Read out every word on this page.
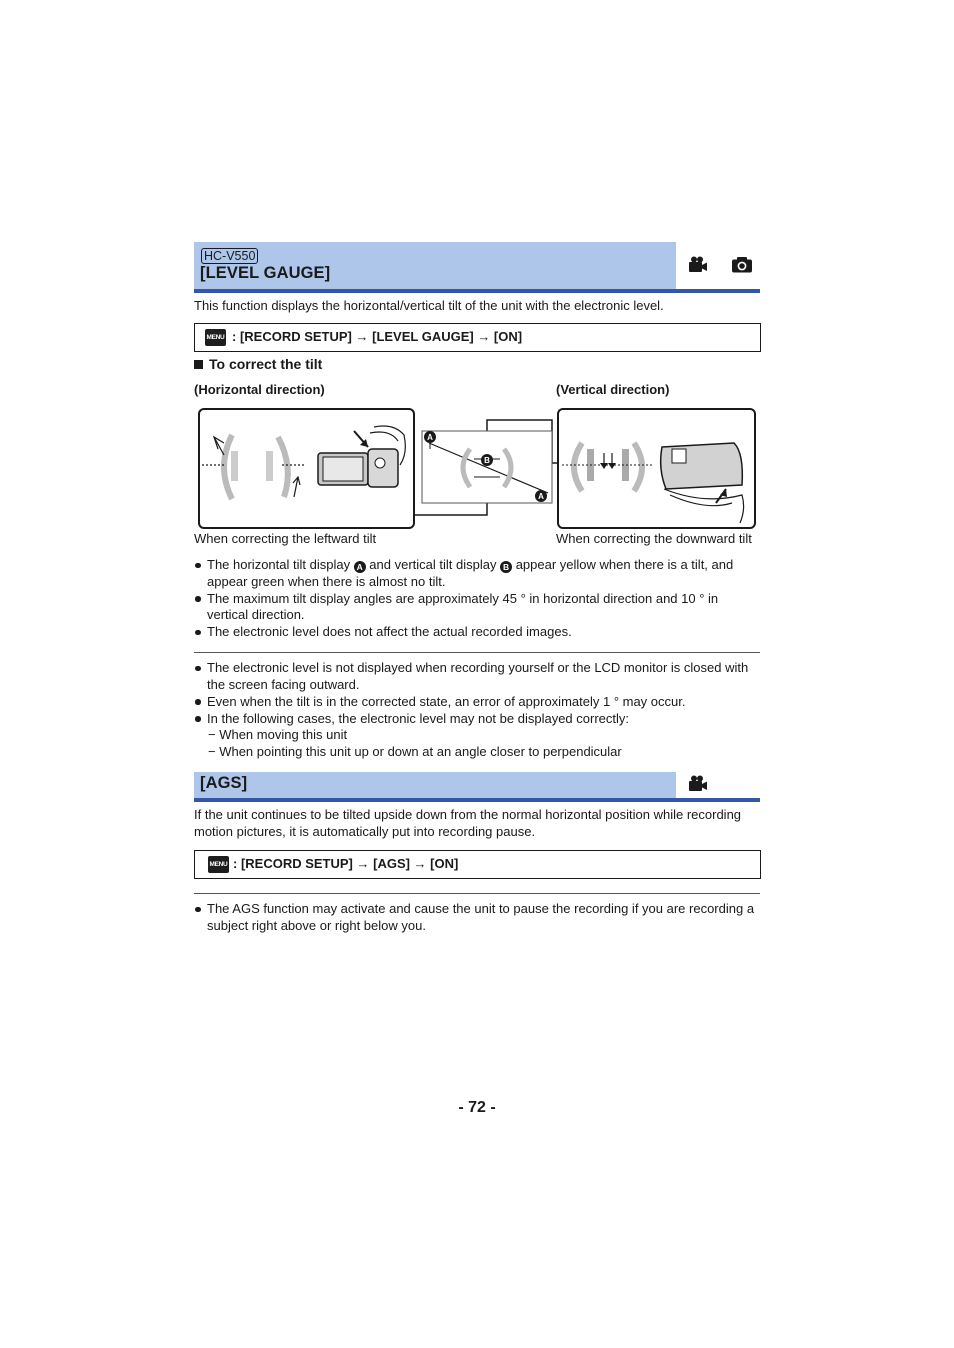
HC-V550
[LEVEL GAUGE]
This function displays the horizontal/vertical tilt of the unit with the electronic level.
MENU : [RECORD SETUP] → [LEVEL GAUGE] → [ON]
To correct the tilt
(Horizontal direction)	(Vertical direction)
A
B
A
When correcting the leftward tilt	When correcting the downward tilt
The horizontal tilt display A and vertical tilt display B appear yellow when there is a tilt, and appear green when there is almost no tilt.
The maximum tilt display angles are approximately 45 ° in horizontal direction and 10 ° in vertical direction.
The electronic level does not affect the actual recorded images.
The electronic level is not displayed when recording yourself or the LCD monitor is closed with the screen facing outward.
Even when the tilt is in the corrected state, an error of approximately 1 ° may occur.
In the following cases, the electronic level may not be displayed correctly:
− When moving this unit
− When pointing this unit up or down at an angle closer to perpendicular
[AGS]
If the unit continues to be tilted upside down from the normal horizontal position while recording motion pictures, it is automatically put into recording pause.
MENU : [RECORD SETUP] → [AGS] → [ON]
The AGS function may activate and cause the unit to pause the recording if you are recording a subject right above or right below you.
- 72 -
